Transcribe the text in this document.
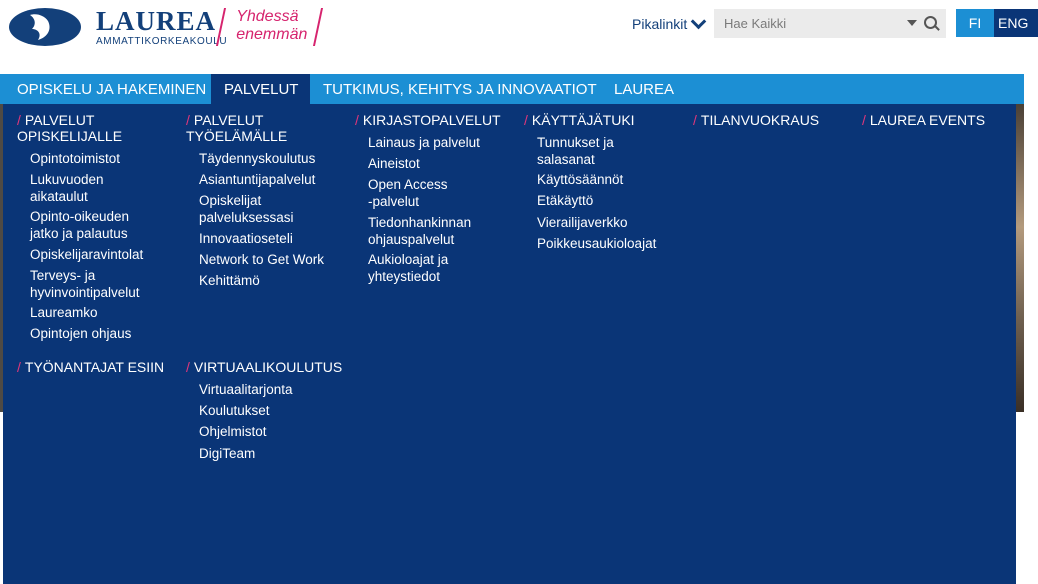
LAUREA
AMMATTIKORKEAKOULU
Yhdessä
enemmän
Pikalinkit
Hae Kaikki	FI	ENG
OPISKELU JA HAKEMINEN	PALVELUT	TUTKIMUS, KEHITYS JA INNOVAATIOT LAUREA
/ PALVELUT
OPISKELIJALLE
Opintotoimistot
Lukuvuoden
aikataulut
Opinto-oikeuden
jatko ja palautus
Opiskelijaravintolat
Terveys- ja
hyvinvointipalvelut
Laureamko
Opintojen ohjaus
/ PALVELUT
TYÖELÄMÄLLE
Täydennyskoulutus
Asiantuntijapalvelut
Opiskelijat
palveluksessasi
Innovaatioseteli
Network to Get Work
Kehittämö
/ KIRJASTOPALVELUT
Lainaus ja palvelut
Aineistot
Open Access
-palvelut
Tiedonhankinnan
ohjauspalvelut
Aukioloajat ja
yhteystiedot
/ KÄYTTÄJÄTUKI
Tunnukset ja
salasanat
Käyttösäännöt
Etäkäyttö
Vierailijaverkko
Poikkeusaukioloajat
/ TILANVUOKRAUS	/ LAUREA EVENTS
/ TYÖNANTAJAT ESIIN / VIRTUAALIKOULUTUS
Virtuaalitarjonta
Koulutukset
Ohjelmistot
DigiTeam
